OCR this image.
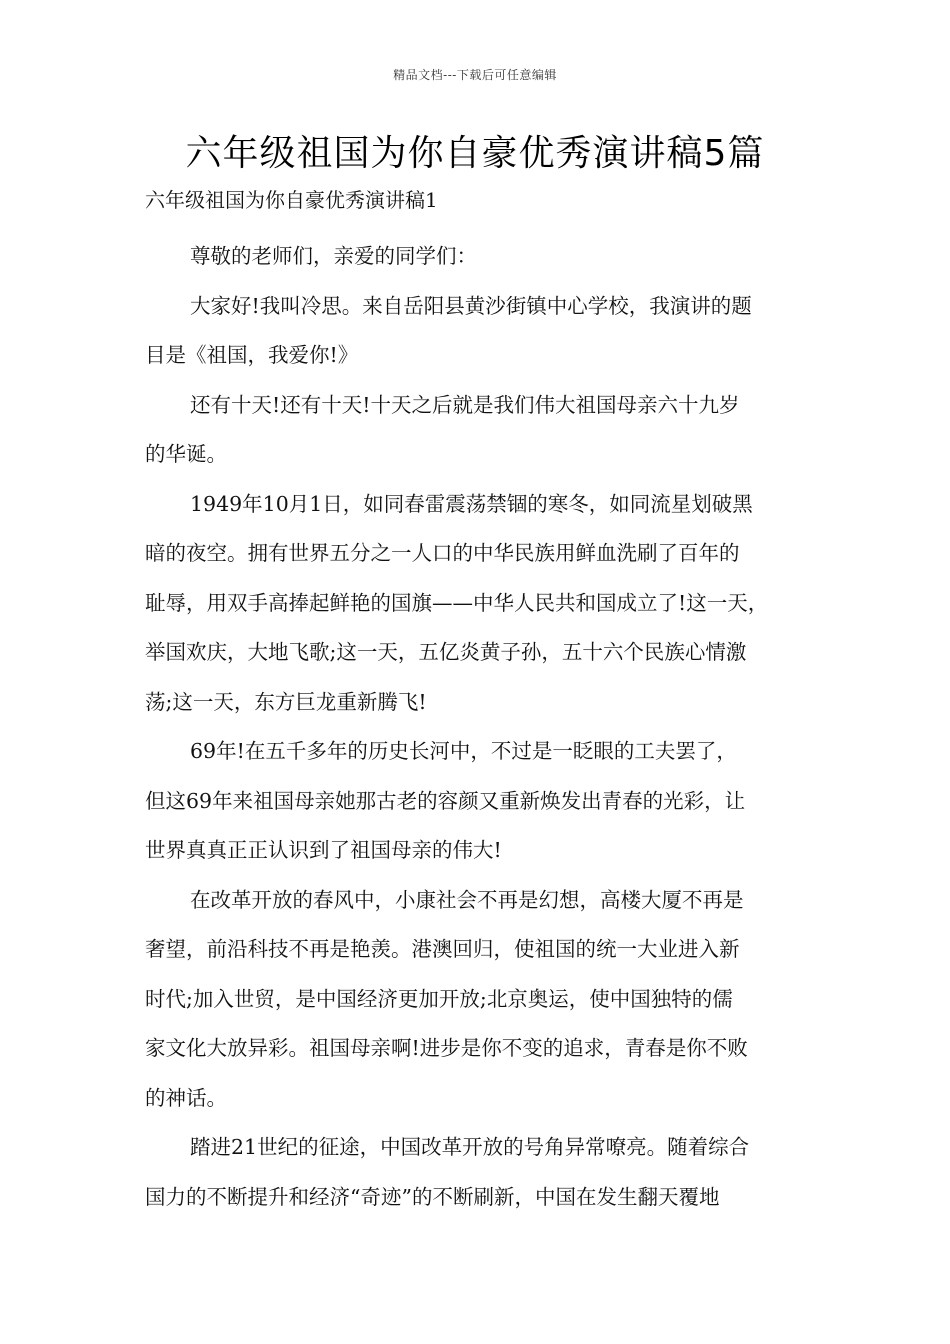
精品文档---下载后可任意编辑
六年级祖国为你自豪优秀演讲稿5篇
六年级祖国为你自豪优秀演讲稿1

尊敬的老师们，亲爱的同学们：

大家好!我叫冷思。来自岳阳县黄沙街镇中心学校，我演讲的题
目是《祖国，我爱你!》

还有十天!还有十天!十天之后就是我们伟大祖国母亲六十九岁
的华诞。

1949年10月1日，如同春雷震荡禁锢的寒冬，如同流星划破黑
暗的夜空。拥有世界五分之一人口的中华民族用鲜血洗刷了百年的
耻辱，用双手高捧起鲜艳的国旗——中华人民共和国成立了!这一天，
举国欢庆，大地飞歌;这一天，五亿炎黄子孙，五十六个民族心情激
荡;这一天，东方巨龙重新腾飞!

69年!在五千多年的历史长河中，不过是一眨眼的工夫罢了，
但这69年来祖国母亲她那古老的容颜又重新焕发出青春的光彩，让
世界真真正正认识到了祖国母亲的伟大!

在改革开放的春风中，小康社会不再是幻想，高楼大厦不再是
奢望，前沿科技不再是艳羡。港澳回归，使祖国的统一大业进入新
时代;加入世贸，是中国经济更加开放;北京奥运，使中国独特的儒
家文化大放异彩。祖国母亲啊!进步是你不变的追求，青春是你不败
的神话。

踏进21世纪的征途，中国改革开放的号角异常嘹亮。随着综合
国力的不断提升和经济“奇迹”的不断刷新，中国在发生翻天覆地
